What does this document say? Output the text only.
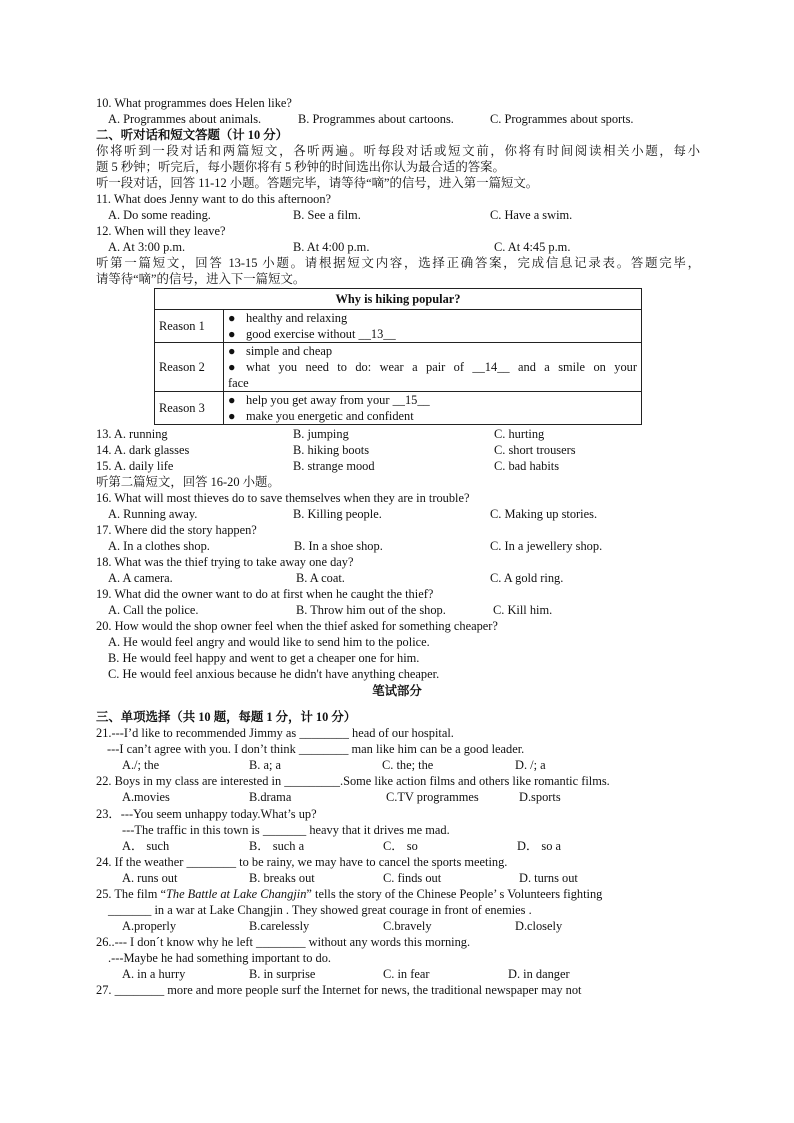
10. What programmes does Helen like?
A. Programmes about animals.	B. Programmes about cartoons.	C. Programmes about sports.
二、听对话和短文答题（计 10 分）
你将听到一段对话和两篇短文，各听两遍。听每段对话或短文前，你将有时间阅读相关小题，每小
题 5 秒钟；听完后，每小题你将有 5 秒钟的时间选出你认为最合适的答案。
听一段对话，回答 11-12 小题。答题完毕，请等待“嘀”的信号，进入第一篇短文。
11. What does Jenny want to do this afternoon?
A. Do some reading.	B. See a film.	C. Have a swim.
12. When will they leave?
A. At 3:00 p.m.	B. At 4:00 p.m.	C. At 4:45 p.m.
听第一篇短文，回答 13-15 小题。请根据短文内容，选择正确答案，完成信息记录表。答题完毕，
请等待“嘀”的信号，进入下一篇短文。
Why is hiking popular?	
Reason 1	● healthy and relaxing
● good exercise without __13__

Reason 2	● simple and cheap
● what you need to do: wear a pair of __14__ and a smile on your
face

Reason 3	● help you get away from your __15__
● make you energetic and confident
13. A. running	B. jumping	C. hurting
14. A. dark glasses	B. hiking boots	C. short trousers
15. A. daily life	B. strange mood	C. bad habits
听第二篇短文，回答 16-20 小题。
16. What will most thieves do to save themselves when they are in trouble?
A. Running away.	B. Killing people.	C. Making up stories.
17. Where did the story happen?
A. In a clothes shop.	B. In a shoe shop.	C. In a jewellery shop.
18. What was the thief trying to take away one day?
A. A camera.	B. A coat.	C. A gold ring.
19. What did the owner want to do at first when he caught the thief?
A. Call the police.	B. Throw him out of the shop.	C. Kill him.
20. How would the shop owner feel when the thief asked for something cheaper?
A. He would feel angry and would like to send him to the police.
B. He would feel happy and went to get a cheaper one for him.
C. He would feel anxious because he didn't have anything cheaper.
笔试部分
三、单项选择（共 10 题，每题 1 分，计 10 分）
21.---I’d like to recommended Jimmy as ________ head of our hospital.
---I can’t agree with you. I don’t think ________ man like him can be a good leader.
A./; the	B. a; a	C. the; the	D. /; a
22. Boys in my class are interested in _________.Some like action films and others like romantic films.
A.movies	B.drama	C.TV programmes	D.sports
23．---You seem unhappy today.What’s up?
---The traffic in this town is _______ heavy that it drives me mad.
A． such	B． such a	C． so	D． so a
24. If the weather ________ to be rainy, we may have to cancel the sports meeting.
A. runs out	B. breaks out	C. finds out	D. turns out
25. The film “The Battle at Lake Changjin” tells the story of the Chinese People’ s Volunteers fighting
_______ in a war at Lake Changjin . They showed great courage in front of enemies .
A.properly	B.carelessly	C.bravely	D.closely
26..--- I don´t know why he left ________ without any words this morning.
.---Maybe he had something important to do.
A. in a hurry	B. in surprise	C. in fear	D. in danger
27. ________ more and more people surf the Internet for news, the traditional newspaper may not
